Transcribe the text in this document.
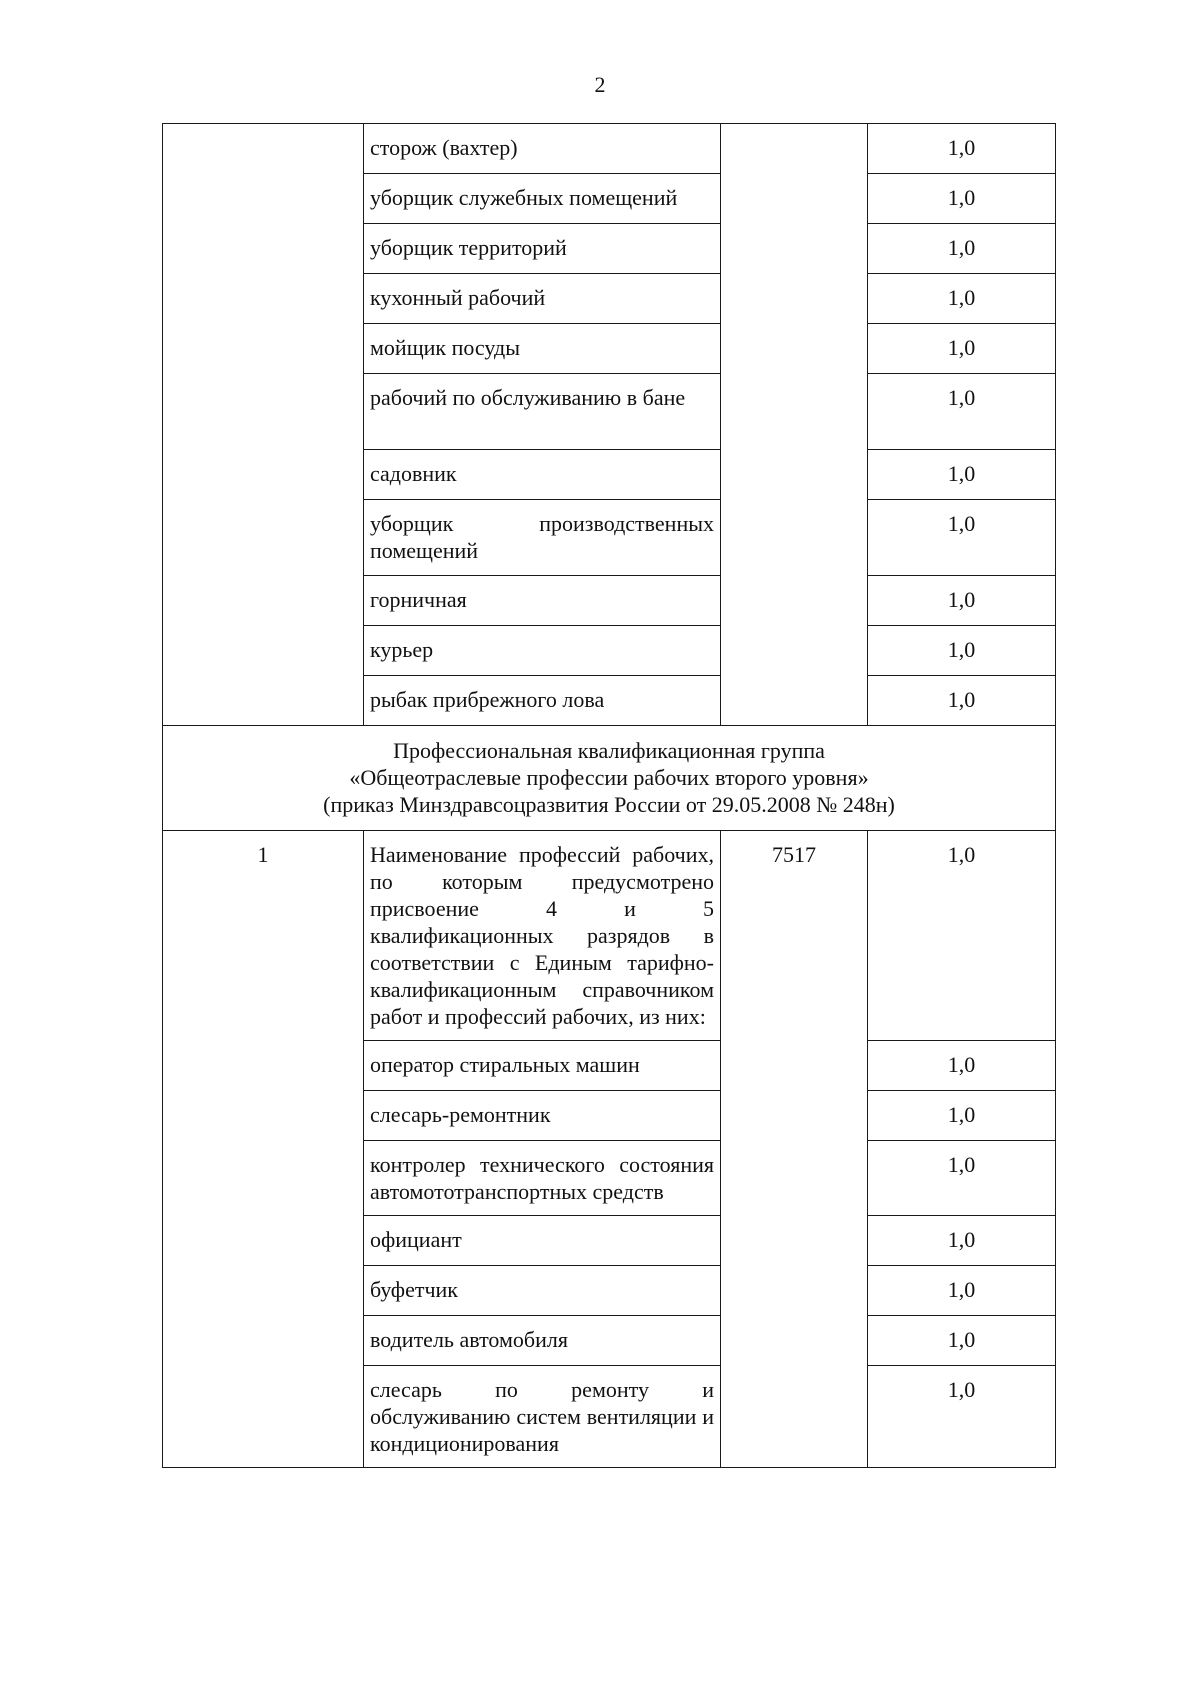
2
	сторож (вахтер)		1,0
	уборщик служебных помещений		1,0
	уборщик территорий		1,0
	кухонный рабочий		1,0
	мойщик посуды		1,0
	рабочий по обслуживанию в бане		1,0
	садовник		1,0
	уборщик производственных помещений		1,0
	горничная		1,0
	курьер		1,0
	рыбак прибрежного лова		1,0

Профессиональная квалификационная группа
«Общеотраслевые профессии рабочих второго уровня»
(приказ Минздравсоцразвития России от 29.05.2008 № 248н)			

1	Наименование профессий рабочих, по которым предусмотрено присвоение 4 и 5 квалификационных разрядов в соответствии с Единым тарифно-квалификационным справочником работ и профессий рабочих, из них:	7517	1,0
	оператор стиральных машин		1,0
	слесарь-ремонтник		1,0
	контролер технического состояния автомототранспортных средств		1,0
	официант		1,0
	буфетчик		1,0
	водитель автомобиля		1,0
	слесарь по ремонту и обслуживанию систем вентиляции и кондиционирования		1,0
